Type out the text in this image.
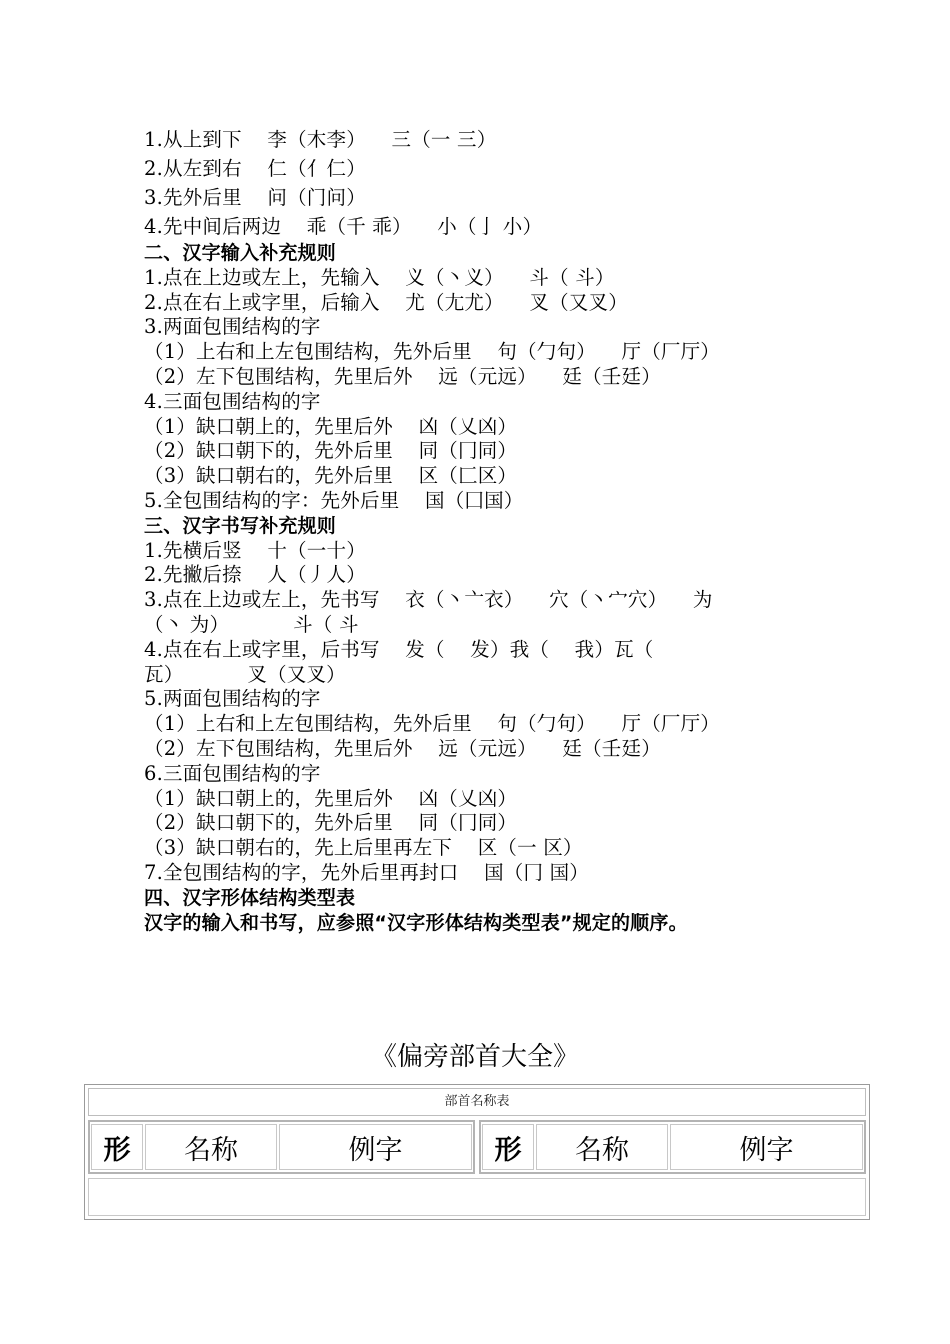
1.从上到下    李（木李）    三（一 三）
2.从左到右    仁（亻仁）
3.先外后里    问（门问）
4.先中间后两边    乖（千 乖）    小（亅 小）
二、汉字输入补充规则
1.点在上边或左上，先输入    义（丶义）    斗（ 斗）
2.点在右上或字里，后输入    尤（尢尤）    叉（又叉）
3.两面包围结构的字
（1）上右和上左包围结构，先外后里    句（勹句）    厅（厂厅）
（2）左下包围结构，先里后外    远（元远）    廷（壬廷）
4.三面包围结构的字
（1）缺口朝上的，先里后外    凶（乂凶）
（2）缺口朝下的，先外后里    同（冂同）
（3）缺口朝右的，先外后里    区（匚区）
5.全包围结构的字：先外后里    国（囗国）
三、汉字书写补充规则
1.先横后竖    十（一十）
2.先撇后捺    人（丿人）
3.点在上边或左上，先书写    衣（丶亠衣）    穴（丶宀穴）    为
（丶 为）          斗（ 斗
4.点在右上或字里，后书写    发（    发）我（    我）瓦（
瓦）          叉（又叉）
5.两面包围结构的字
（1）上右和上左包围结构，先外后里    句（勹句）    厅（厂厅）
（2）左下包围结构，先里后外    远（元远）    廷（壬廷）
6.三面包围结构的字
（1）缺口朝上的，先里后外    凶（乂凶）
（2）缺口朝下的，先外后里    同（冂同）
（3）缺口朝右的，先上后里再左下    区（一 区）
7.全包围结构的字，先外后里再封口    国（冂 国）
四、汉字形体结构类型表
汉字的输入和书写，应参照“汉字形体结构类型表”规定的顺序。
《偏旁部首大全》
部首名称表
形	名称	例字	形	名称	例字
